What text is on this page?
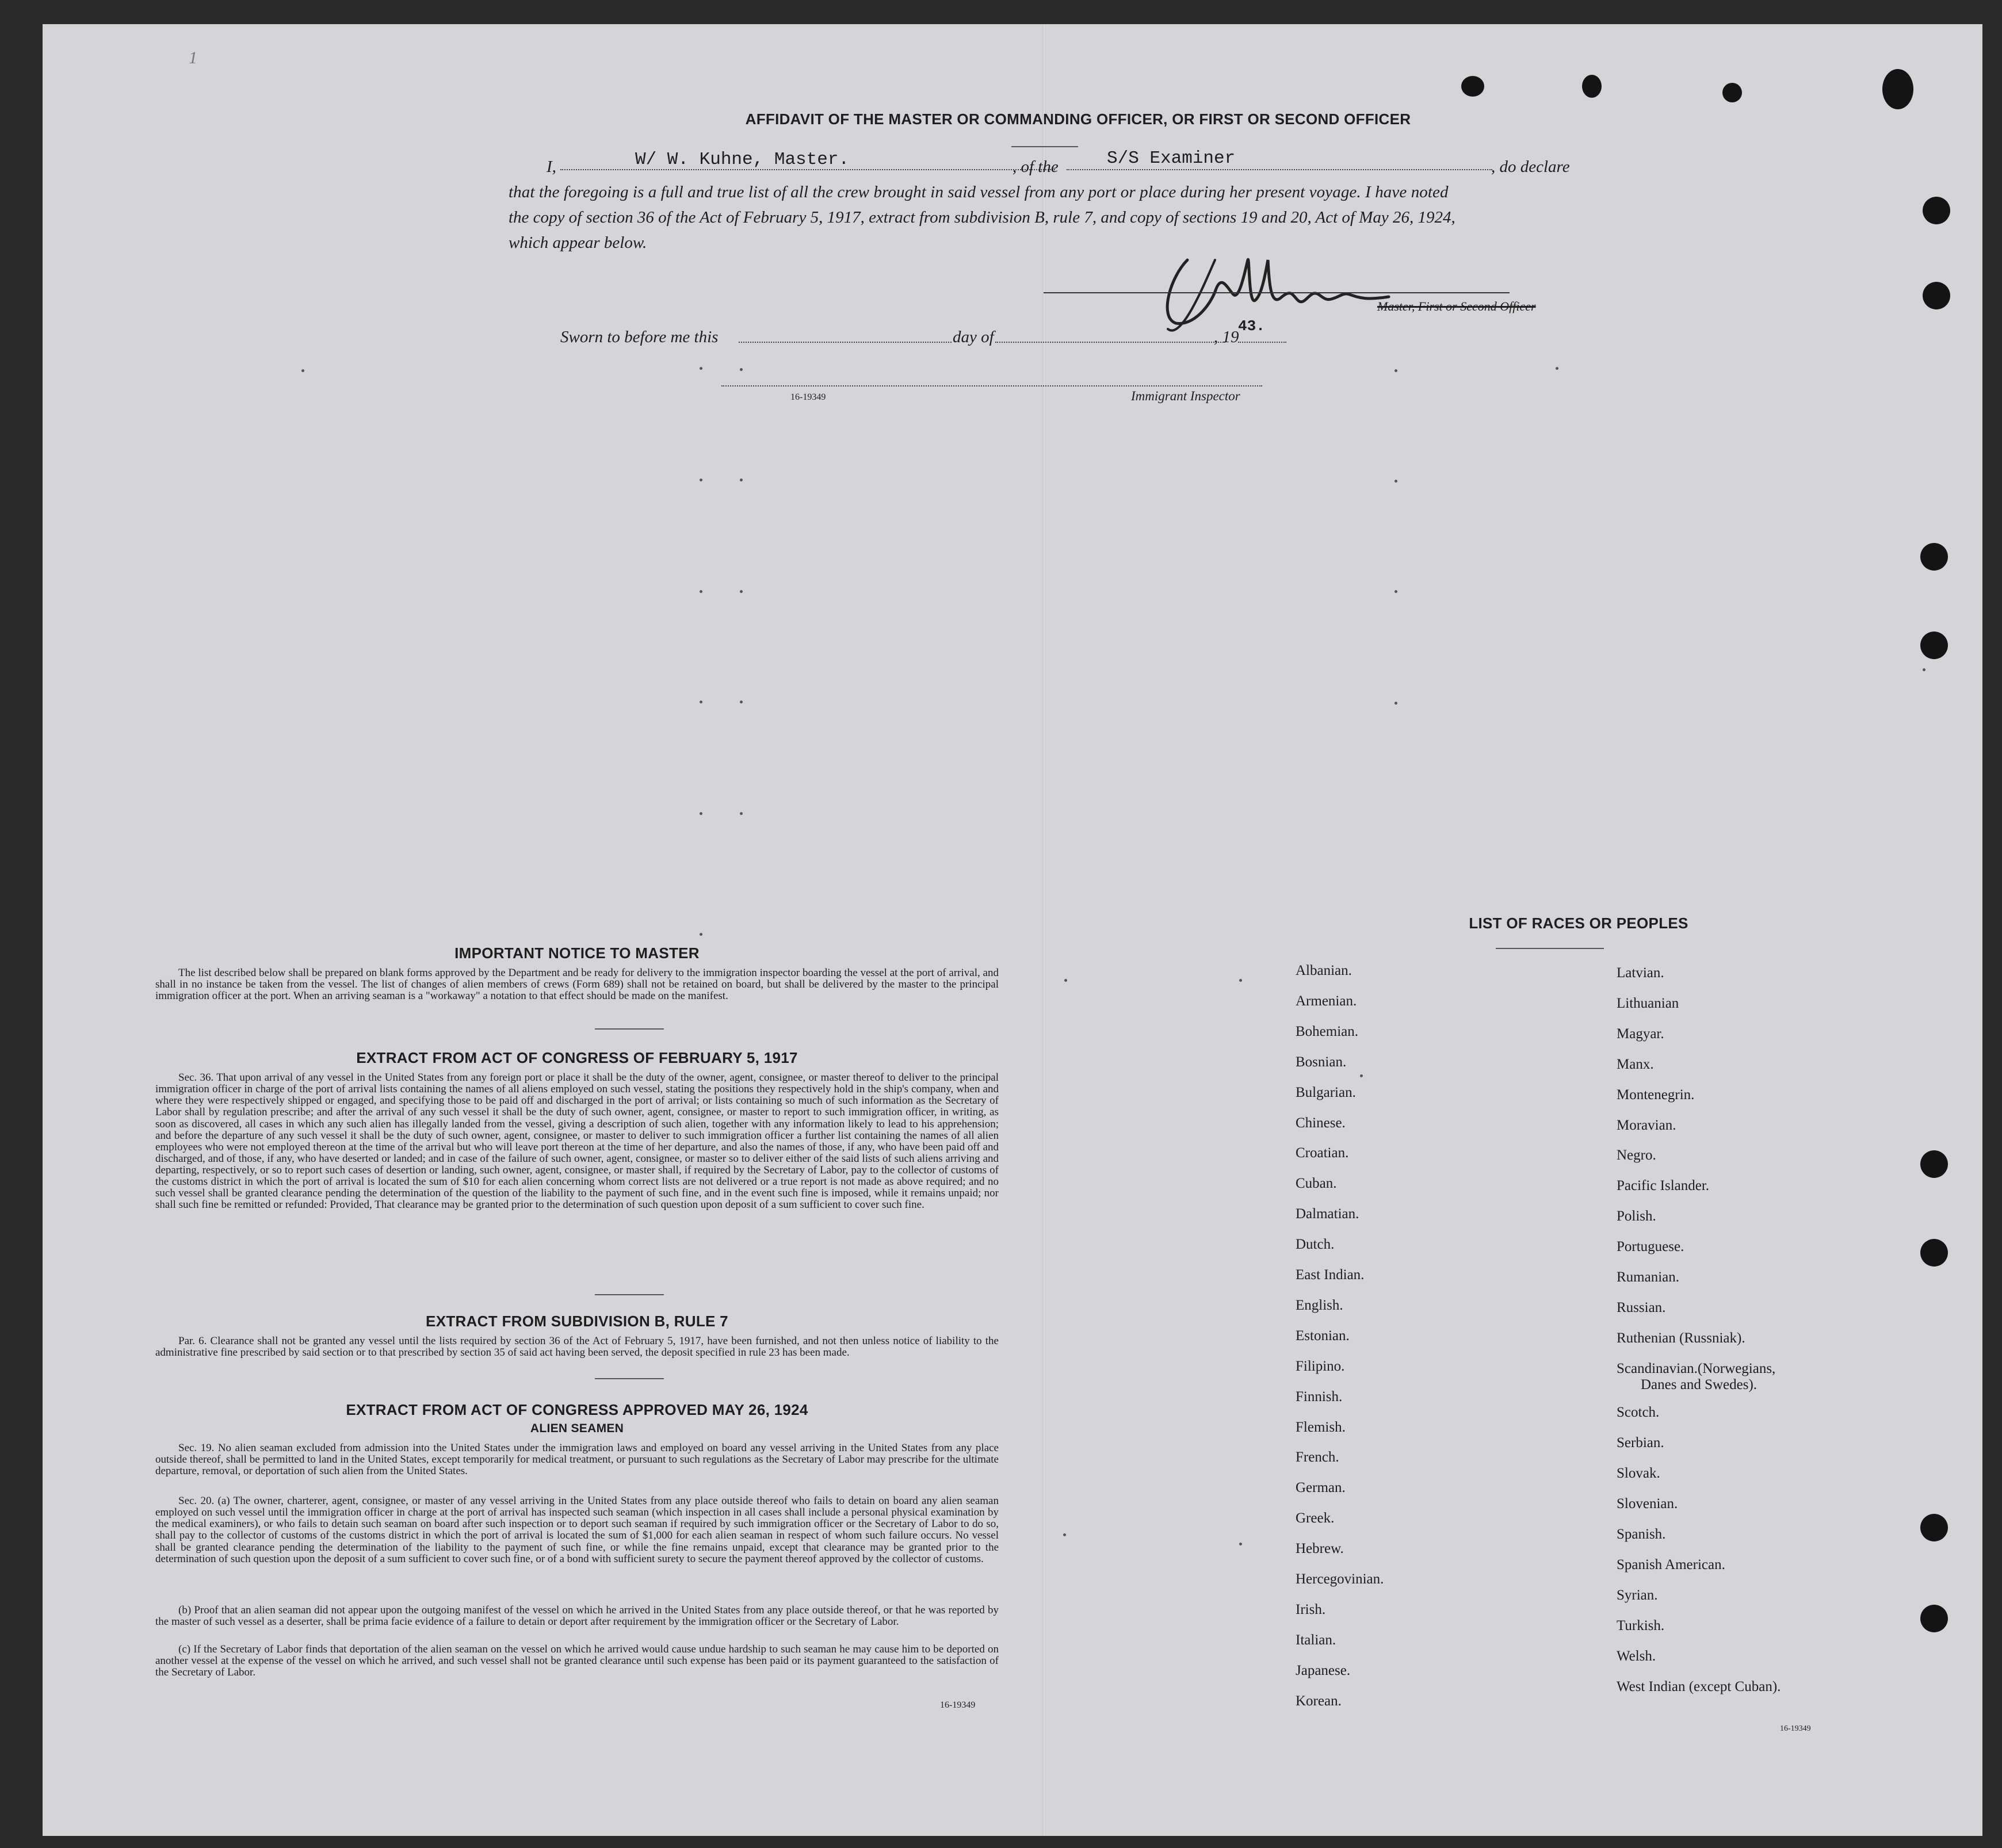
1
AFFIDAVIT OF THE MASTER OR COMMANDING OFFICER, OR FIRST OR SECOND OFFICER
I,	W/ W. Kuhne, Master.	, of the	S/S Examiner	, do declare
that the foregoing is a full and true list of all the crew brought in said vessel from any port or place during her present voyage. I have noted
the copy of section 36 of the Act of February 5, 1917, extract from subdivision B, rule 7, and copy of sections 19 and 20, Act of May 26, 1924,
which appear below.
Master, First or Second Officer
Sworn to before me this	day of	, 19
43.
16-19349	Immigrant Inspector
IMPORTANT NOTICE TO MASTER
The list described below shall be prepared on blank forms approved by the Department and be ready for delivery to the immigration inspector boarding the vessel at the port of arrival, and shall in no instance be taken from the vessel. The list of changes of alien members of crews (Form 689) shall not be retained on board, but shall be delivered by the master to the principal immigration officer at the port. When an arriving seaman is a "workaway" a notation to that effect should be made on the manifest.
EXTRACT FROM ACT OF CONGRESS OF FEBRUARY 5, 1917
Sec. 36. That upon arrival of any vessel in the United States from any foreign port or place it shall be the duty of the owner, agent, consignee, or master thereof to deliver to the principal immigration officer in charge of the port of arrival lists containing the names of all aliens employed on such vessel, stating the positions they respectively hold in the ship's company, when and where they were respectively shipped or engaged, and specifying those to be paid off and discharged in the port of arrival; or lists containing so much of such information as the Secretary of Labor shall by regulation prescribe; and after the arrival of any such vessel it shall be the duty of such owner, agent, consignee, or master to report to such immigration officer, in writing, as soon as discovered, all cases in which any such alien has illegally landed from the vessel, giving a description of such alien, together with any information likely to lead to his apprehension; and before the departure of any such vessel it shall be the duty of such owner, agent, consignee, or master to deliver to such immigration officer a further list containing the names of all alien employees who were not employed thereon at the time of the arrival but who will leave port thereon at the time of her departure, and also the names of those, if any, who have been paid off and discharged, and of those, if any, who have deserted or landed; and in case of the failure of such owner, agent, consignee, or master so to deliver either of the said lists of such aliens arriving and departing, respectively, or so to report such cases of desertion or landing, such owner, agent, consignee, or master shall, if required by the Secretary of Labor, pay to the collector of customs of the customs district in which the port of arrival is located the sum of $10 for each alien concerning whom correct lists are not delivered or a true report is not made as above required; and no such vessel shall be granted clearance pending the determination of the question of the liability to the payment of such fine, and in the event such fine is imposed, while it remains unpaid; nor shall such fine be remitted or refunded: Provided, That clearance may be granted prior to the determination of such question upon deposit of a sum sufficient to cover such fine.
EXTRACT FROM SUBDIVISION B, RULE 7
Par. 6. Clearance shall not be granted any vessel until the lists required by section 36 of the Act of February 5, 1917, have been furnished, and not then unless notice of liability to the administrative fine prescribed by said section or to that prescribed by section 35 of said act having been served, the deposit specified in rule 23 has been made.
EXTRACT FROM ACT OF CONGRESS APPROVED MAY 26, 1924
ALIEN SEAMEN
Sec. 19. No alien seaman excluded from admission into the United States under the immigration laws and employed on board any vessel arriving in the United States from any place outside thereof, shall be permitted to land in the United States, except temporarily for medical treatment, or pursuant to such regulations as the Secretary of Labor may prescribe for the ultimate departure, removal, or deportation of such alien from the United States.
Sec. 20. (a) The owner, charterer, agent, consignee, or master of any vessel arriving in the United States from any place outside thereof who fails to detain on board any alien seaman employed on such vessel until the immigration officer in charge at the port of arrival has inspected such seaman (which inspection in all cases shall include a personal physical examination by the medical examiners), or who fails to detain such seaman on board after such inspection or to deport such seaman if required by such immigration officer or the Secretary of Labor to do so, shall pay to the collector of customs of the customs district in which the port of arrival is located the sum of $1,000 for each alien seaman in respect of whom such failure occurs. No vessel shall be granted clearance pending the determination of the liability to the payment of such fine, or while the fine remains unpaid, except that clearance may be granted prior to the determination of such question upon the deposit of a sum sufficient to cover such fine, or of a bond with sufficient surety to secure the payment thereof approved by the collector of customs.
(b) Proof that an alien seaman did not appear upon the outgoing manifest of the vessel on which he arrived in the United States from any place outside thereof, or that he was reported by the master of such vessel as a deserter, shall be prima facie evidence of a failure to detain or deport after requirement by the immigration officer or the Secretary of Labor.
(c) If the Secretary of Labor finds that deportation of the alien seaman on the vessel on which he arrived would cause undue hardship to such seaman he may cause him to be deported on another vessel at the expense of the vessel on which he arrived, and such vessel shall not be granted clearance until such expense has been paid or its payment guaranteed to the satisfaction of the Secretary of Labor.
16-19349
LIST OF RACES OR PEOPLES
16-19349
Albanian.
Armenian.
Bohemian.
Bosnian.
Bulgarian.
Chinese.
Croatian.
Cuban.
Dalmatian.
Dutch.
East Indian.
English.
Estonian.
Filipino.
Finnish.
Flemish.
French.
German.
Greek.
Hebrew.
Hercegovinian.
Irish.
Italian.
Japanese.
Korean.
Latvian.
Lithuanian
Magyar.
Manx.
Montenegrin.
Moravian.
Negro.
Pacific Islander.
Polish.
Portuguese.
Rumanian.
Russian.
Ruthenian (Russniak).
Scandinavian.(Norwegians,
Danes and Swedes).
Scotch.
Serbian.
Slovak.
Slovenian.
Spanish.
Spanish American.
Syrian.
Turkish.
Welsh.
West Indian (except Cuban).
